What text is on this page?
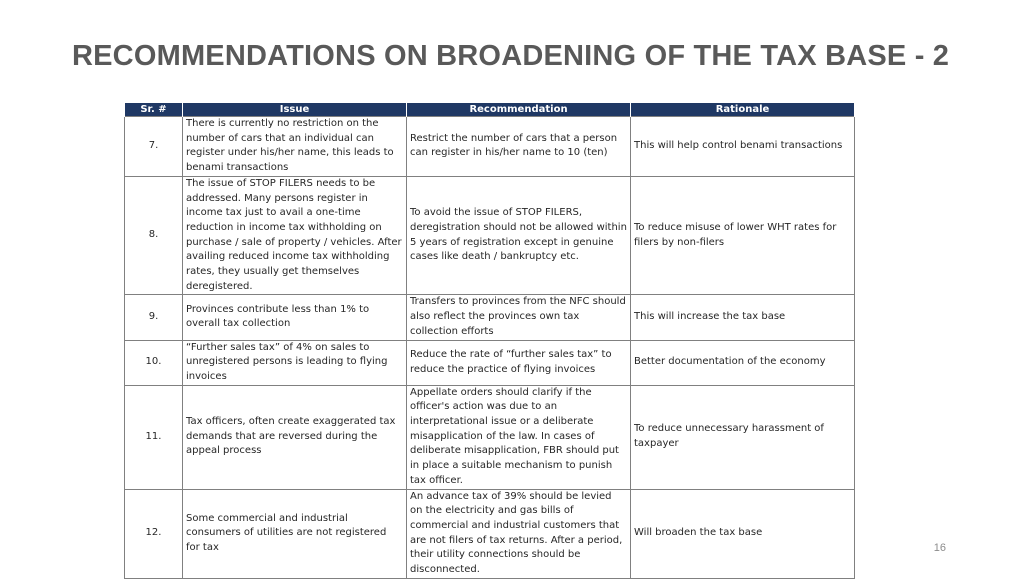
RECOMMENDATIONS ON BROADENING OF THE TAX BASE - 2
Sr. #	Issue	Recommendation	Rationale
7.	There is currently no restriction on the number of cars that an individual can register under his/her name, this leads to benami transactions	Restrict the number of cars that a person can register in his/her name to 10 (ten)	This will help control benami transactions
8.	The issue of STOP FILERS needs to be addressed. Many persons register in income tax just to avail a one-time reduction in income tax withholding on purchase / sale of property / vehicles. After availing reduced income tax withholding rates, they usually get themselves deregistered.	To avoid the issue of STOP FILERS, deregistration should not be allowed within 5 years of registration except in genuine cases like death / bankruptcy etc.	To reduce misuse of lower WHT rates for filers by non-filers
9.	Provinces contribute less than 1% to overall tax collection	Transfers to provinces from the NFC should also reflect the provinces own tax collection efforts	This will increase the tax base
10.	“Further sales tax” of 4% on sales to unregistered persons is leading to flying invoices	Reduce the rate of “further sales tax” to reduce the practice of flying invoices	Better documentation of the economy
11.	Tax officers, often create exaggerated tax demands that are reversed during the appeal process	Appellate orders should clarify if the officer's action was due to an interpretational issue or a deliberate misapplication of the law. In cases of deliberate misapplication, FBR should put in place a suitable mechanism to punish tax officer.	To reduce unnecessary harassment of taxpayer
12.	Some commercial and industrial consumers of utilities are not registered for tax	An advance tax of 39% should be levied on the electricity and gas bills of commercial and industrial customers that are not filers of tax returns. After a period, their utility connections should be disconnected.	Will broaden the tax base
16
